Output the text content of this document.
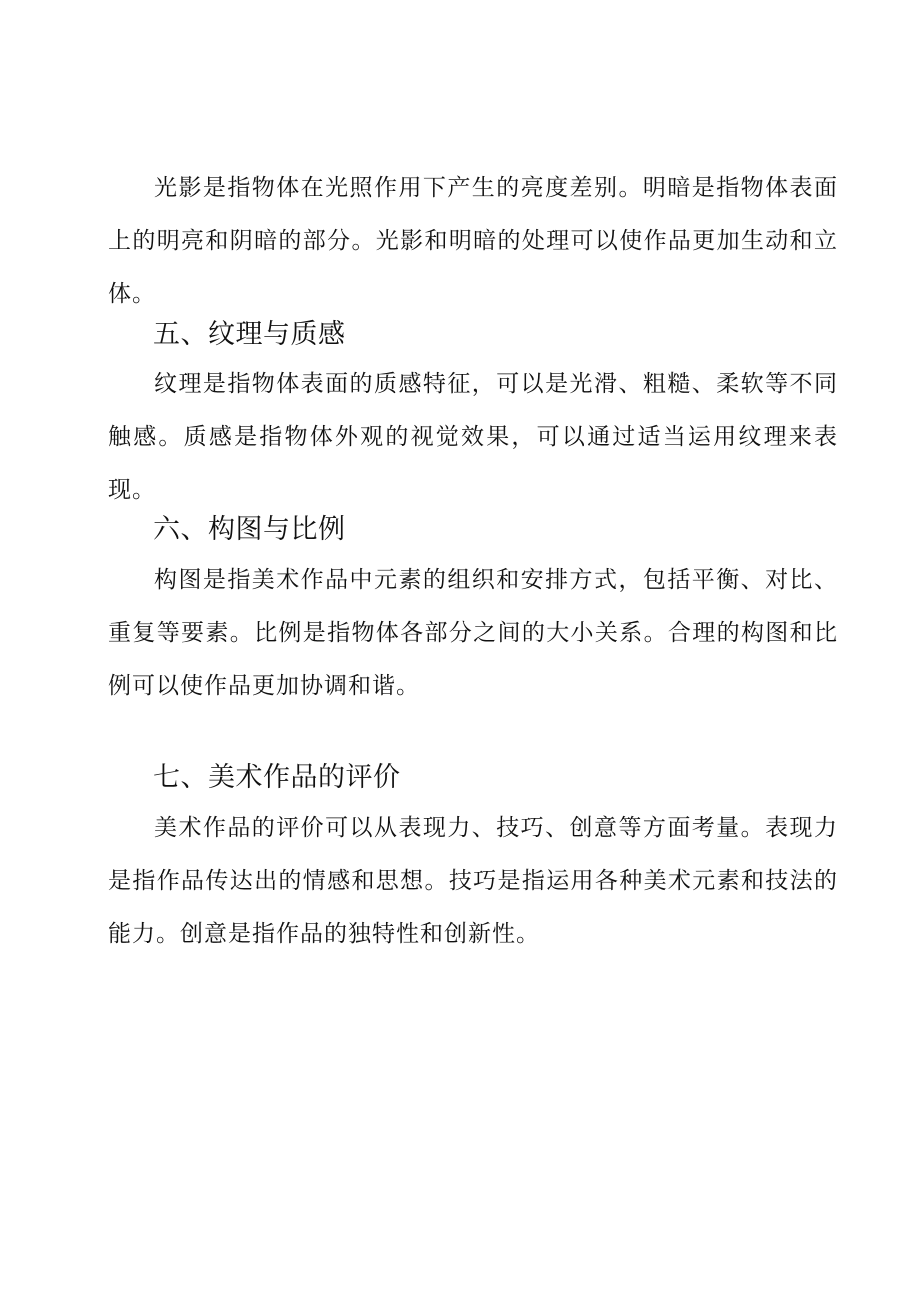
光影是指物体在光照作用下产生的亮度差别。明暗是指物体表面上的明亮和阴暗的部分。光影和明暗的处理可以使作品更加生动和立体。

五、纹理与质感

纹理是指物体表面的质感特征，可以是光滑、粗糙、柔软等不同触感。质感是指物体外观的视觉效果，可以通过适当运用纹理来表现。

六、构图与比例

构图是指美术作品中元素的组织和安排方式，包括平衡、对比、重复等要素。比例是指物体各部分之间的大小关系。合理的构图和比例可以使作品更加协调和谐。

七、美术作品的评价

美术作品的评价可以从表现力、技巧、创意等方面考量。表现力是指作品传达出的情感和思想。技巧是指运用各种美术元素和技法的能力。创意是指作品的独特性和创新性。
